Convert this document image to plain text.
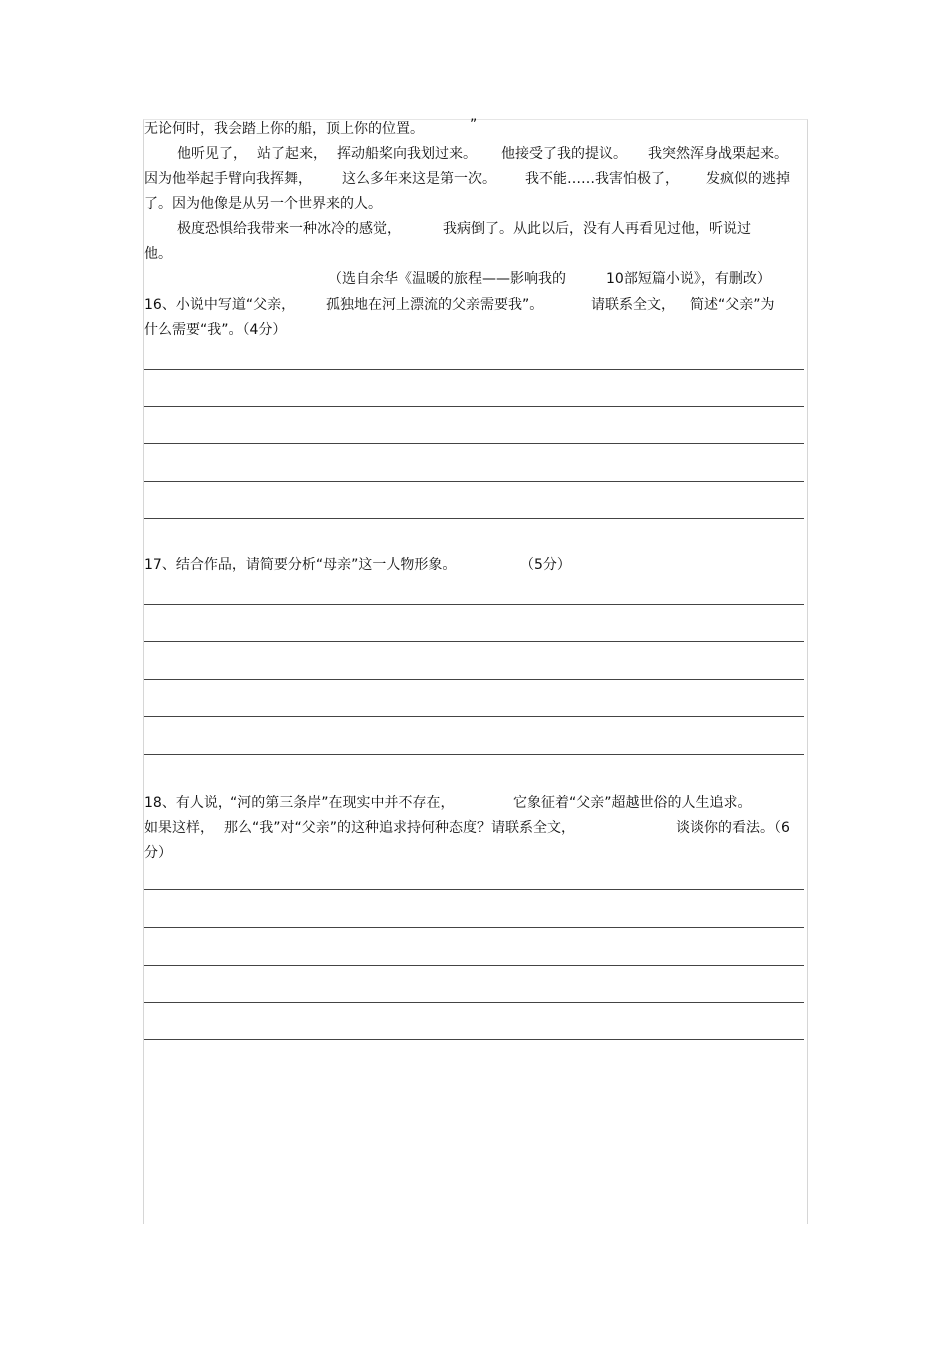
无论何时，我会踏上你的船，顶上你的位置。	”
他听见了， 站了起来， 挥动船桨向我划过来。 他接受了我的提议。 我突然浑身战栗起来。
因为他举起手臂向我挥舞， 这么多年来这是第一次。 我不能……我害怕极了， 发疯似的逃掉
了。因为他像是从另一个世界来的人。
极度恐惧给我带来一种冰冷的感觉，	我病倒了。从此以后，没有人再看见过他，听说过
他。
（选自余华《温暖的旅程——影响我的	10部短篇小说》，有删改）
16、小说中写道“父亲， 孤独地在河上漂流的父亲需要我”。	请联系全文， 简述“父亲”为
什么需要“我”。（4分）
17、结合作品，请简要分析“母亲”这一人物形象。	（5分）
18、有人说，
“河的第三条岸”在现实中并不存在，	它象征着“父亲”超越世俗的人生追求。
如果这样， 那么“我”对“父亲”的这种追求持何种态度？请联系全文，	谈谈你的看法。（6
分）
